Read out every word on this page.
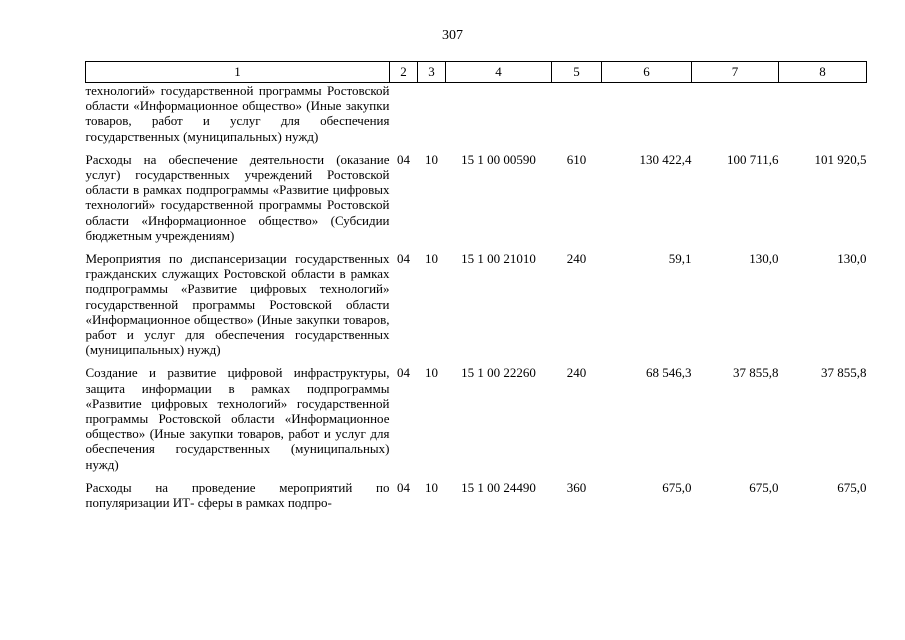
307
1	2	3	4	5	6	7	8
технологий» государственной программы Ростовской области «Информационное общество» (Иные закупки товаров, работ и услуг для обеспечения государственных (муниципальных) нужд)							
Расходы на обеспечение деятельности (оказание услуг) государственных учреждений Ростовской области в рамках подпрограммы «Развитие цифровых технологий» государственной программы Ростовской области «Информационное общество» (Субсидии бюджетным учреждениям)	04	10	15 1 00 00590	610	130 422,4	100 711,6	101 920,5
Мероприятия по диспансеризации государственных гражданских служащих Ростовской области в рамках подпрограммы «Развитие цифровых технологий» государственной программы Ростовской области «Информационное общество» (Иные закупки товаров, работ и услуг для обеспечения государственных (муниципальных) нужд)	04	10	15 1 00 21010	240	59,1	130,0	130,0
Создание и развитие цифровой инфраструктуры, защита информации в рамках подпрограммы «Развитие цифровых технологий» государственной программы Ростовской области «Информационное общество» (Иные закупки товаров, работ и услуг для обеспечения государственных (муниципальных) нужд)	04	10	15 1 00 22260	240	68 546,3	37 855,8	37 855,8
Расходы на проведение мероприятий по популяризации ИТ- сферы в рамках подпро-	04	10	15 1 00 24490	360	675,0	675,0	675,0
